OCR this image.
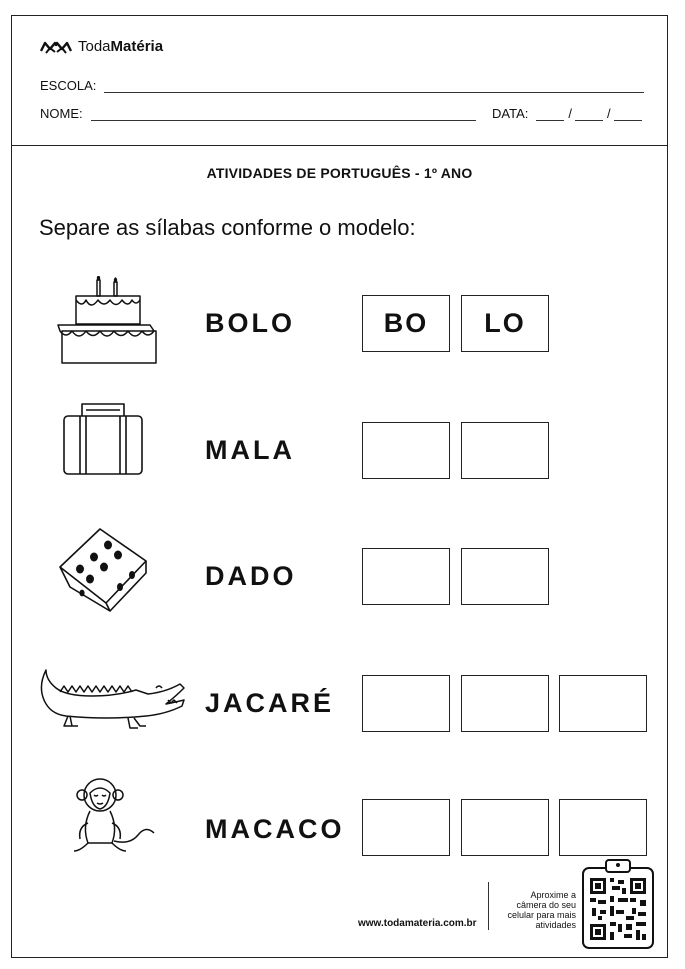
TodaMatéria
ESCOLA:
NOME:	DATA:	/	/
ATIVIDADES DE PORTUGUÊS - 1º ANO
Separe as sílabas conforme o modelo:
BOLO	BO	LO
MALA
DADO
JACARÉ
MACACO
www.todamateria.com.br
Aproxime a
câmera do seu
celular para mais
atividades
